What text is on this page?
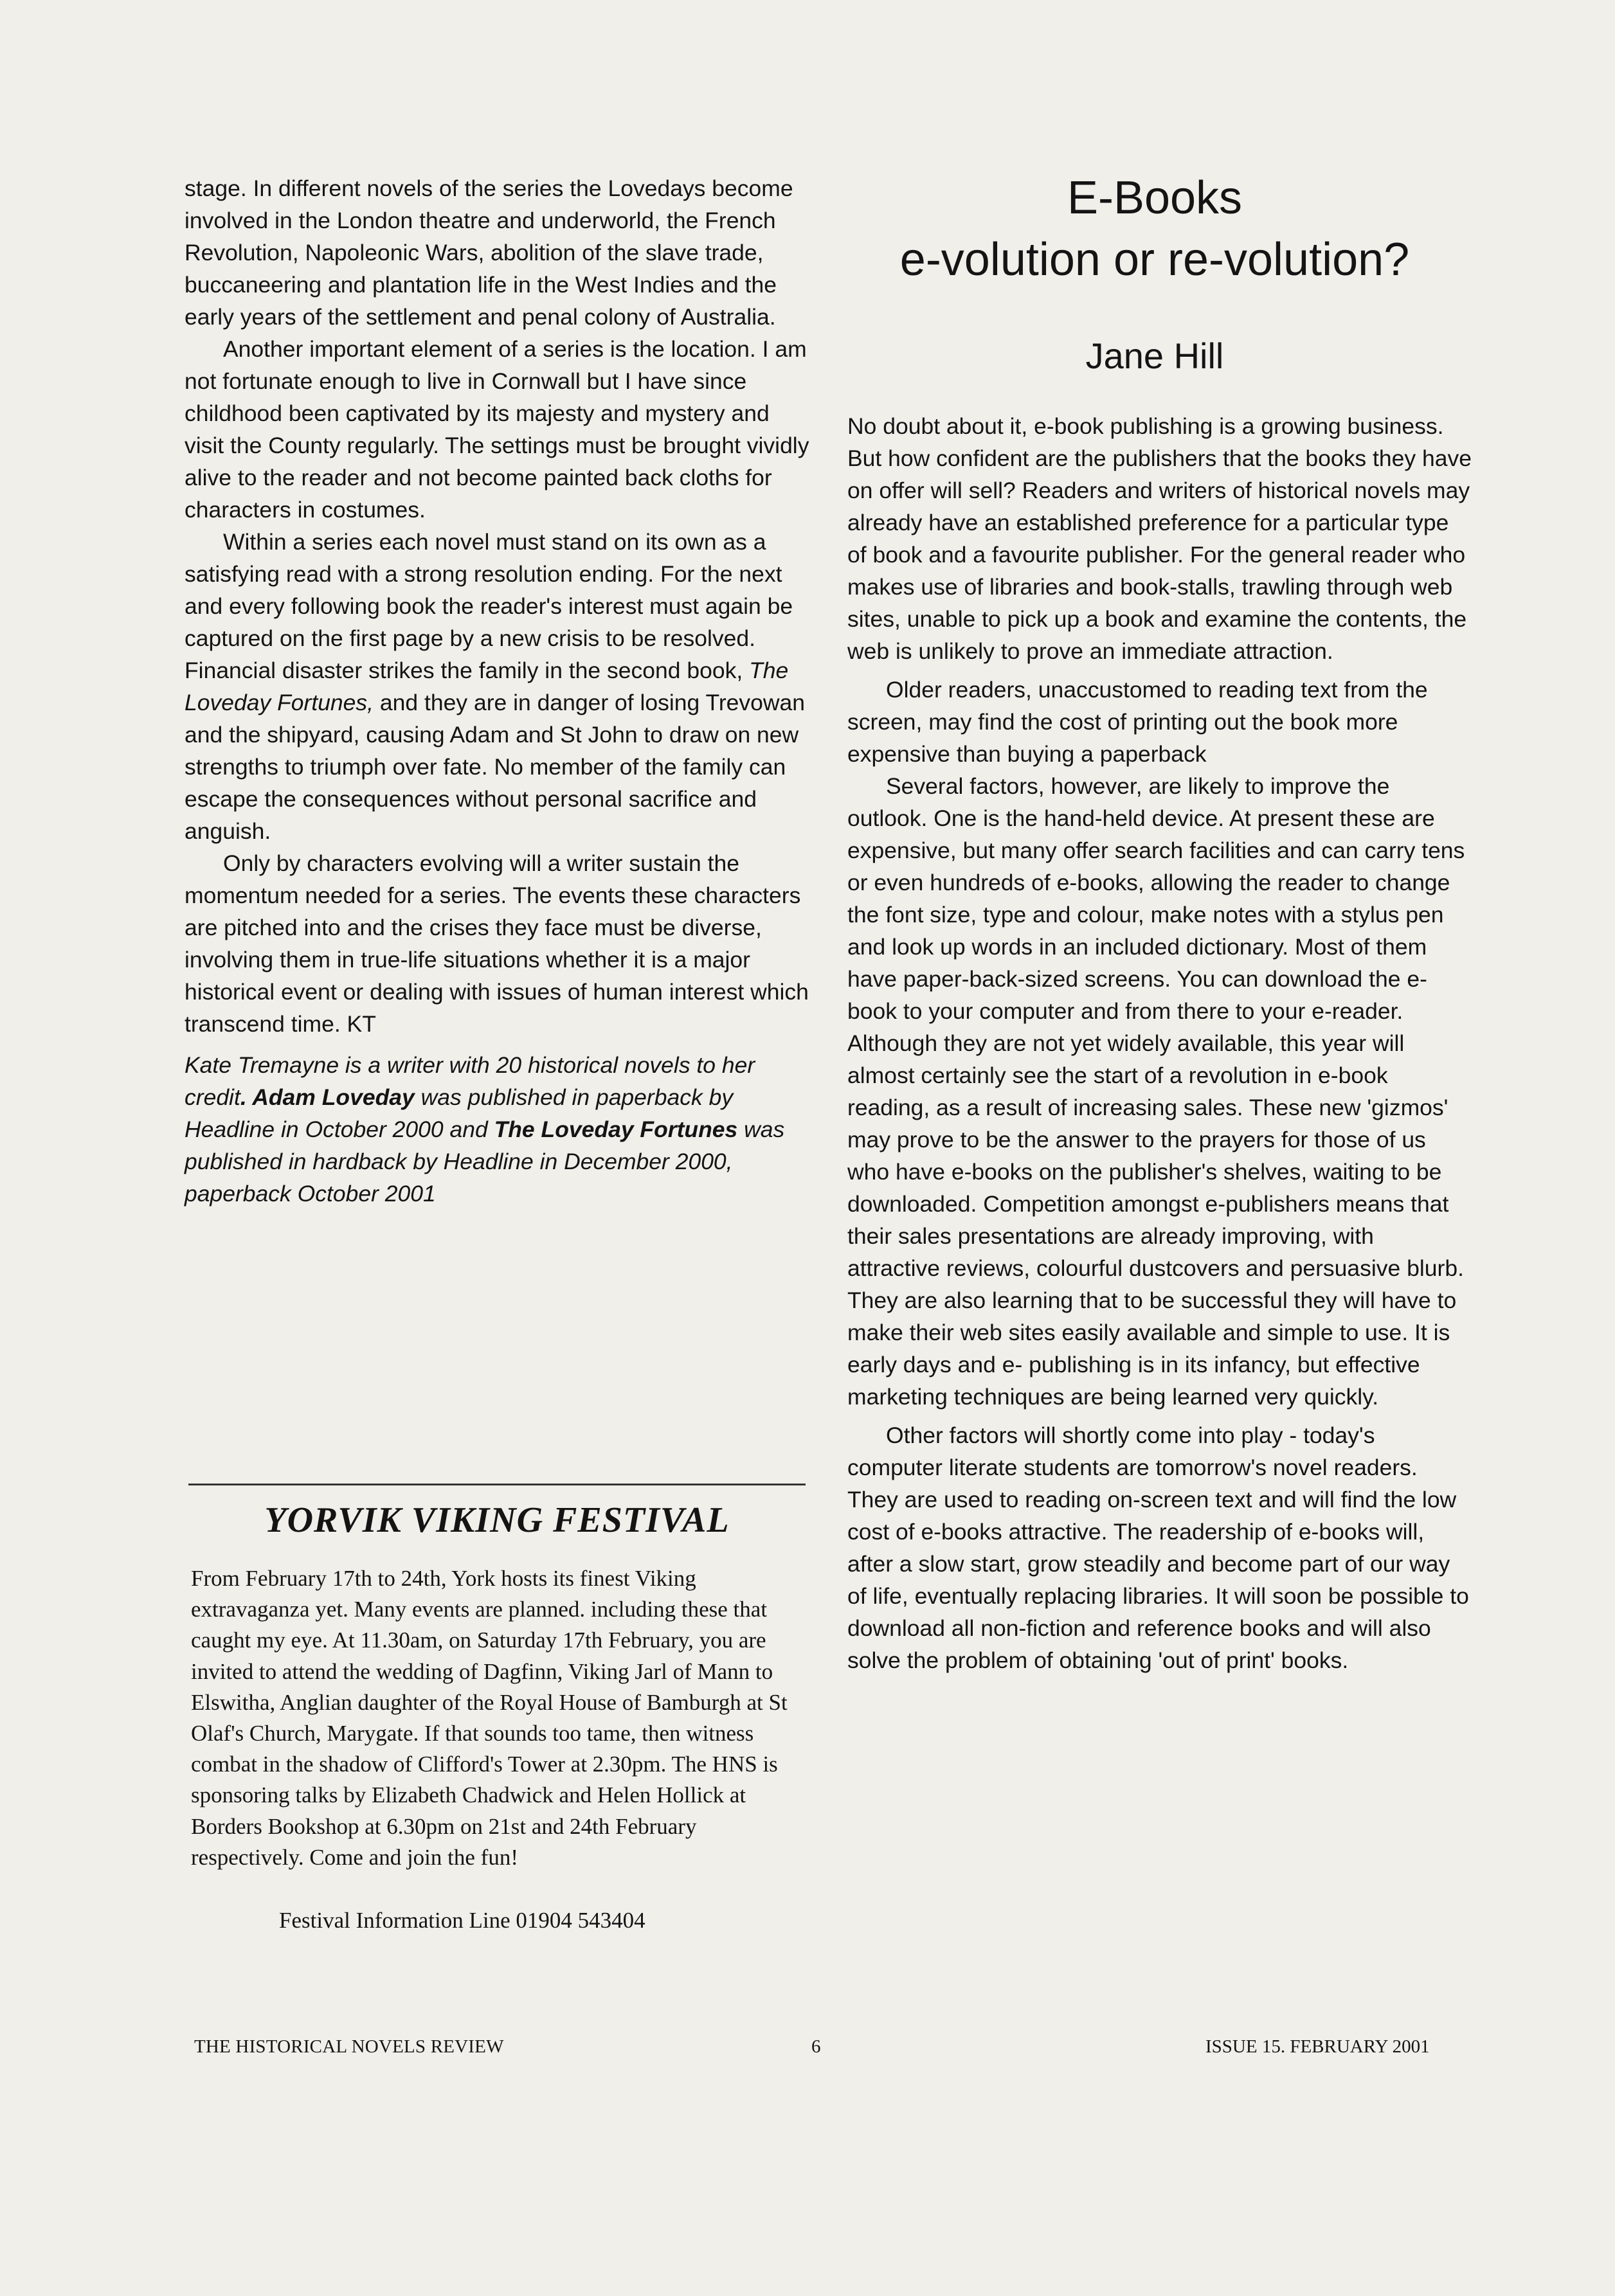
stage. In different novels of the series the Lovedays become involved in the London theatre and underworld, the French Revolution, Napoleonic Wars, abolition of the slave trade, buccaneering and plantation life in the West Indies and the early years of the settlement and penal colony of Australia.

Another important element of a series is the location. I am not fortunate enough to live in Cornwall but I have since childhood been captivated by its majesty and mystery and visit the County regularly. The settings must be brought vividly alive to the reader and not become painted back cloths for characters in costumes.

Within a series each novel must stand on its own as a satisfying read with a strong resolution ending. For the next and every following book the reader's interest must again be captured on the first page by a new crisis to be resolved. Financial disaster strikes the family in the second book, The Loveday Fortunes, and they are in danger of losing Trevowan and the shipyard, causing Adam and St John to draw on new strengths to triumph over fate. No member of the family can escape the consequences without personal sacrifice and anguish.

Only by characters evolving will a writer sustain the momentum needed for a series. The events these characters are pitched into and the crises they face must be diverse, involving them in true-life situations whether it is a major historical event or dealing with issues of human interest which transcend time. KT

Kate Tremayne is a writer with 20 historical novels to her credit. Adam Loveday was published in paperback by Headline in October 2000 and The Loveday Fortunes was published in hardback by Headline in December 2000, paperback October 2001

YORVIK VIKING FESTIVAL

From February 17th to 24th, York hosts its finest Viking extravaganza yet. Many events are planned. including these that caught my eye. At 11.30am, on Saturday 17th February, you are invited to attend the wedding of Dagfinn, Viking Jarl of Mann to Elswitha, Anglian daughter of the Royal House of Bamburgh at St Olaf's Church, Marygate. If that sounds too tame, then witness combat in the shadow of Clifford's Tower at 2.30pm. The HNS is sponsoring talks by Elizabeth Chadwick and Helen Hollick at Borders Bookshop at 6.30pm on 21st and 24th February respectively. Come and join the fun!

Festival Information Line 01904 543404

E-Books
e-volution or re-volution?
Jane Hill

No doubt about it, e-book publishing is a growing business. But how confident are the publishers that the books they have on offer will sell? Readers and writers of historical novels may already have an established preference for a particular type of book and a favourite publisher. For the general reader who makes use of libraries and book-stalls, trawling through web sites, unable to pick up a book and examine the contents, the web is unlikely to prove an immediate attraction.

Older readers, unaccustomed to reading text from the screen, may find the cost of printing out the book more expensive than buying a paperback

Several factors, however, are likely to improve the outlook. One is the hand-held device. At present these are expensive, but many offer search facilities and can carry tens or even hundreds of e-books, allowing the reader to change the font size, type and colour, make notes with a stylus pen and look up words in an included dictionary. Most of them have paper-back-sized screens. You can download the e-book to your computer and from there to your e-reader.

Although they are not yet widely available, this year will almost certainly see the start of a revolution in e-book reading, as a result of increasing sales. These new 'gizmos' may prove to be the answer to the prayers for those of us who have e-books on the publisher's shelves, waiting to be downloaded. Competition amongst e-publishers means that their sales presentations are already improving, with attractive reviews, colourful dustcovers and persuasive blurb. They are also learning that to be successful they will have to make their web sites easily available and simple to use. It is early days and e- publishing is in its infancy, but effective marketing techniques are being learned very quickly.

Other factors will shortly come into play - today's computer literate students are tomorrow's novel readers. They are used to reading on-screen text and will find the low cost of e-books attractive. The readership of e-books will, after a slow start, grow steadily and become part of our way of life, eventually replacing libraries. It will soon be possible to download all non-fiction and reference books and will also solve the problem of obtaining 'out of print' books.

THE HISTORICAL NOVELS REVIEW	6	ISSUE 15. FEBRUARY 2001
